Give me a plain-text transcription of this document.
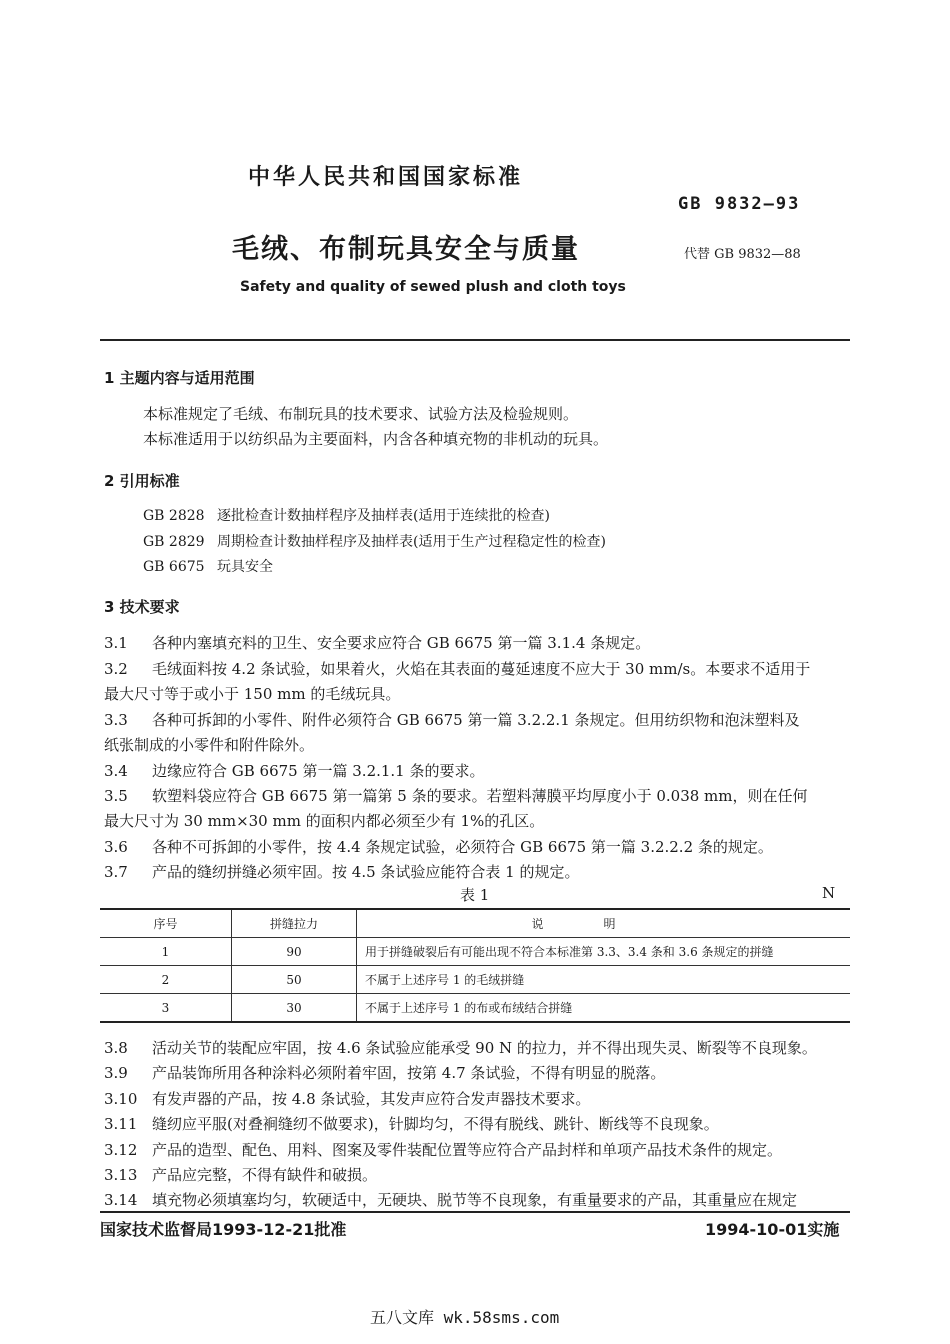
中华人民共和国国家标准
GB 9832—93
毛绒、布制玩具安全与质量	代替 GB 9832—88
Safety and quality of sewed plush and cloth toys
1 主题内容与适用范围
本标准规定了毛绒、布制玩具的技术要求、试验方法及检验规则。
本标准适用于以纺织品为主要面料，内含各种填充物的非机动的玩具。
2 引用标准
GB 2828 逐批检查计数抽样程序及抽样表(适用于连续批的检查)
GB 2829 周期检查计数抽样程序及抽样表(适用于生产过程稳定性的检查)
GB 6675 玩具安全
3 技术要求
3.1 各种内塞填充料的卫生、安全要求应符合 GB 6675 第一篇 3.1.4 条规定。
3.2 毛绒面料按 4.2 条试验，如果着火，火焰在其表面的蔓延速度不应大于 30 mm/s。本要求不适用于
最大尺寸等于或小于 150 mm 的毛绒玩具。
3.3 各种可拆卸的小零件、附件必须符合 GB 6675 第一篇 3.2.2.1 条规定。但用纺织物和泡沫塑料及
纸张制成的小零件和附件除外。
3.4 边缘应符合 GB 6675 第一篇 3.2.1.1 条的要求。
3.5 软塑料袋应符合 GB 6675 第一篇第 5 条的要求。若塑料薄膜平均厚度小于 0.038 mm，则在任何
最大尺寸为 30 mm×30 mm 的面积内都必须至少有 1%的孔区。
3.6 各种不可拆卸的小零件，按 4.4 条规定试验，必须符合 GB 6675 第一篇 3.2.2.2 条的规定。
3.7 产品的缝纫拼缝必须牢固。按 4.5 条试验应能符合表 1 的规定。
表 1	N
序号	拼缝拉力	说明
1	90	用于拼缝破裂后有可能出现不符合本标准第 3.3、3.4 条和 3.6 条规定的拼缝
2	50	不属于上述序号 1 的毛绒拼缝
3	30	不属于上述序号 1 的布或布绒结合拼缝
3.8 活动关节的装配应牢固，按 4.6 条试验应能承受 90 N 的拉力，并不得出现失灵、断裂等不良现象。
3.9 产品装饰所用各种涂料必须附着牢固，按第 4.7 条试验，不得有明显的脱落。
3.10 有发声器的产品，按 4.8 条试验，其发声应符合发声器技术要求。
3.11 缝纫应平服(对叠裥缝纫不做要求)，针脚均匀，不得有脱线、跳针、断线等不良现象。
3.12 产品的造型、配色、用料、图案及零件装配位置等应符合产品封样和单项产品技术条件的规定。
3.13 产品应完整，不得有缺件和破损。
3.14 填充物必须填塞均匀，软硬适中，无硬块、脱节等不良现象，有重量要求的产品，其重量应在规定
国家技术监督局1993-12-21批准	1994-10-01实施
五八文库 wk.58sms.com
